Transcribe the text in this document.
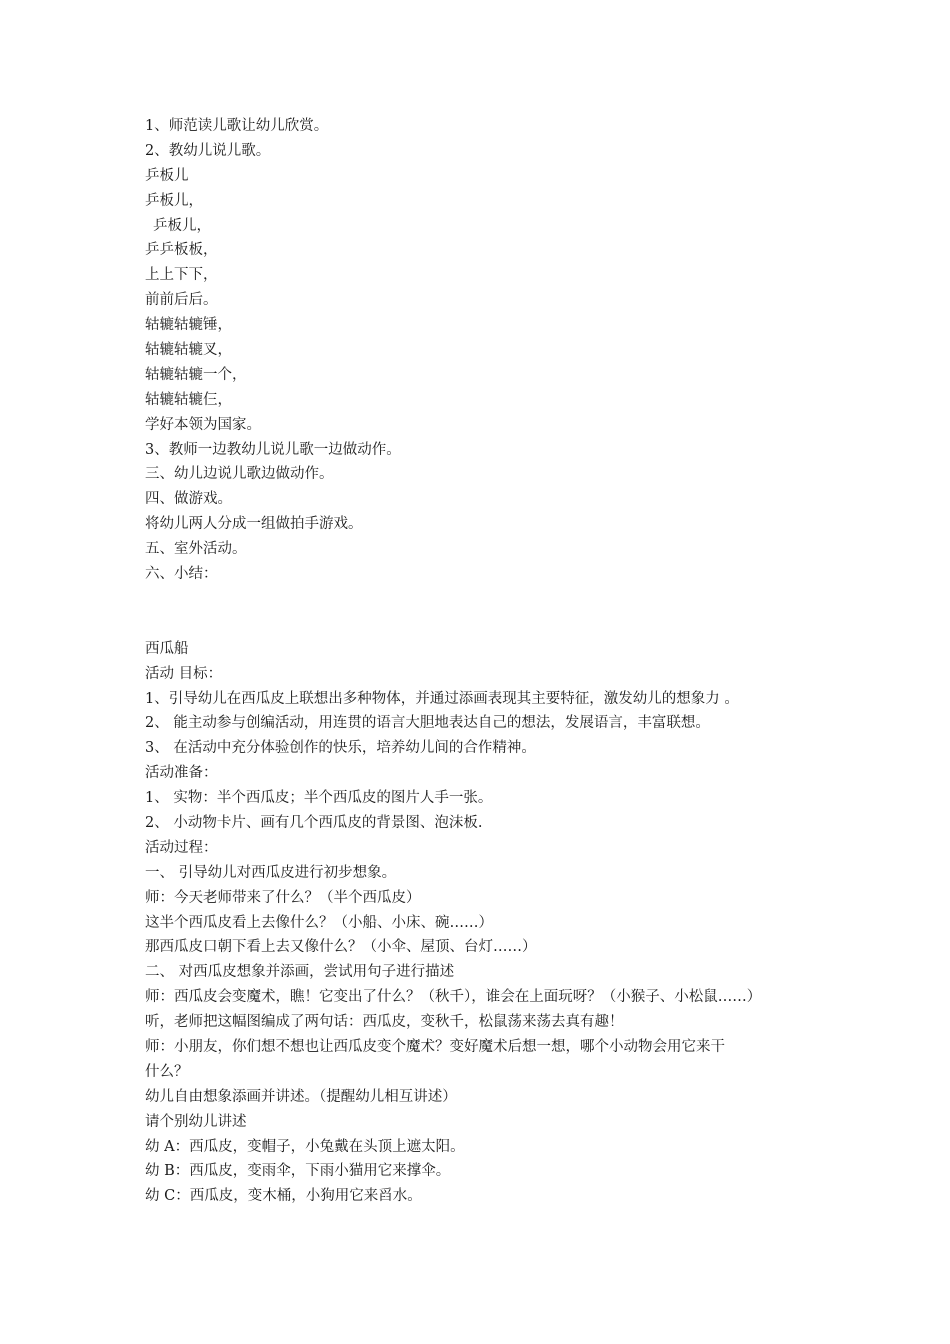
1、师范读儿歌让幼儿欣赏。
2、教幼儿说儿歌。
乒板儿
乒板儿，
乒板儿，
乒乒板板，
上上下下，
前前后后。
轱辘轱辘锤，
轱辘轱辘叉，
轱辘轱辘一个，
轱辘轱辘仨，
学好本领为国家。
3、教师一边教幼儿说儿歌一边做动作。
三、幼儿边说儿歌边做动作。
四、做游戏。
将幼儿两人分成一组做拍手游戏。
五、室外活动。
六、小结：
西瓜船
活动 目标：
1、引导幼儿在西瓜皮上联想出多种物体，并通过添画表现其主要特征，激发幼儿的想象力 。
2、 能主动参与创编活动，用连贯的语言大胆地表达自己的想法，发展语言，丰富联想。
3、 在活动中充分体验创作的快乐，培养幼儿间的合作精神。
活动准备：
1、 实物：半个西瓜皮；半个西瓜皮的图片人手一张。
2、 小动物卡片、画有几个西瓜皮的背景图、泡沫板.
活动过程：
一、 引导幼儿对西瓜皮进行初步想象。
师：今天老师带来了什么？（半个西瓜皮）
这半个西瓜皮看上去像什么？（小船、小床、碗……）
那西瓜皮口朝下看上去又像什么？（小伞、屋顶、台灯……）
二、 对西瓜皮想象并添画，尝试用句子进行描述
师：西瓜皮会变魔术，瞧！它变出了什么？（秋千），谁会在上面玩呀？（小猴子、小松鼠……）
听，老师把这幅图编成了两句话：西瓜皮，变秋千，松鼠荡来荡去真有趣！
师：小朋友，你们想不想也让西瓜皮变个魔术？变好魔术后想一想，哪个小动物会用它来干
什么？
幼儿自由想象添画并讲述。（提醒幼儿相互讲述）
请个别幼儿讲述
幼 A：西瓜皮，变帽子，小兔戴在头顶上遮太阳。
幼 B：西瓜皮，变雨伞，下雨小猫用它来撑伞。
幼 C：西瓜皮，变木桶，小狗用它来舀水。
